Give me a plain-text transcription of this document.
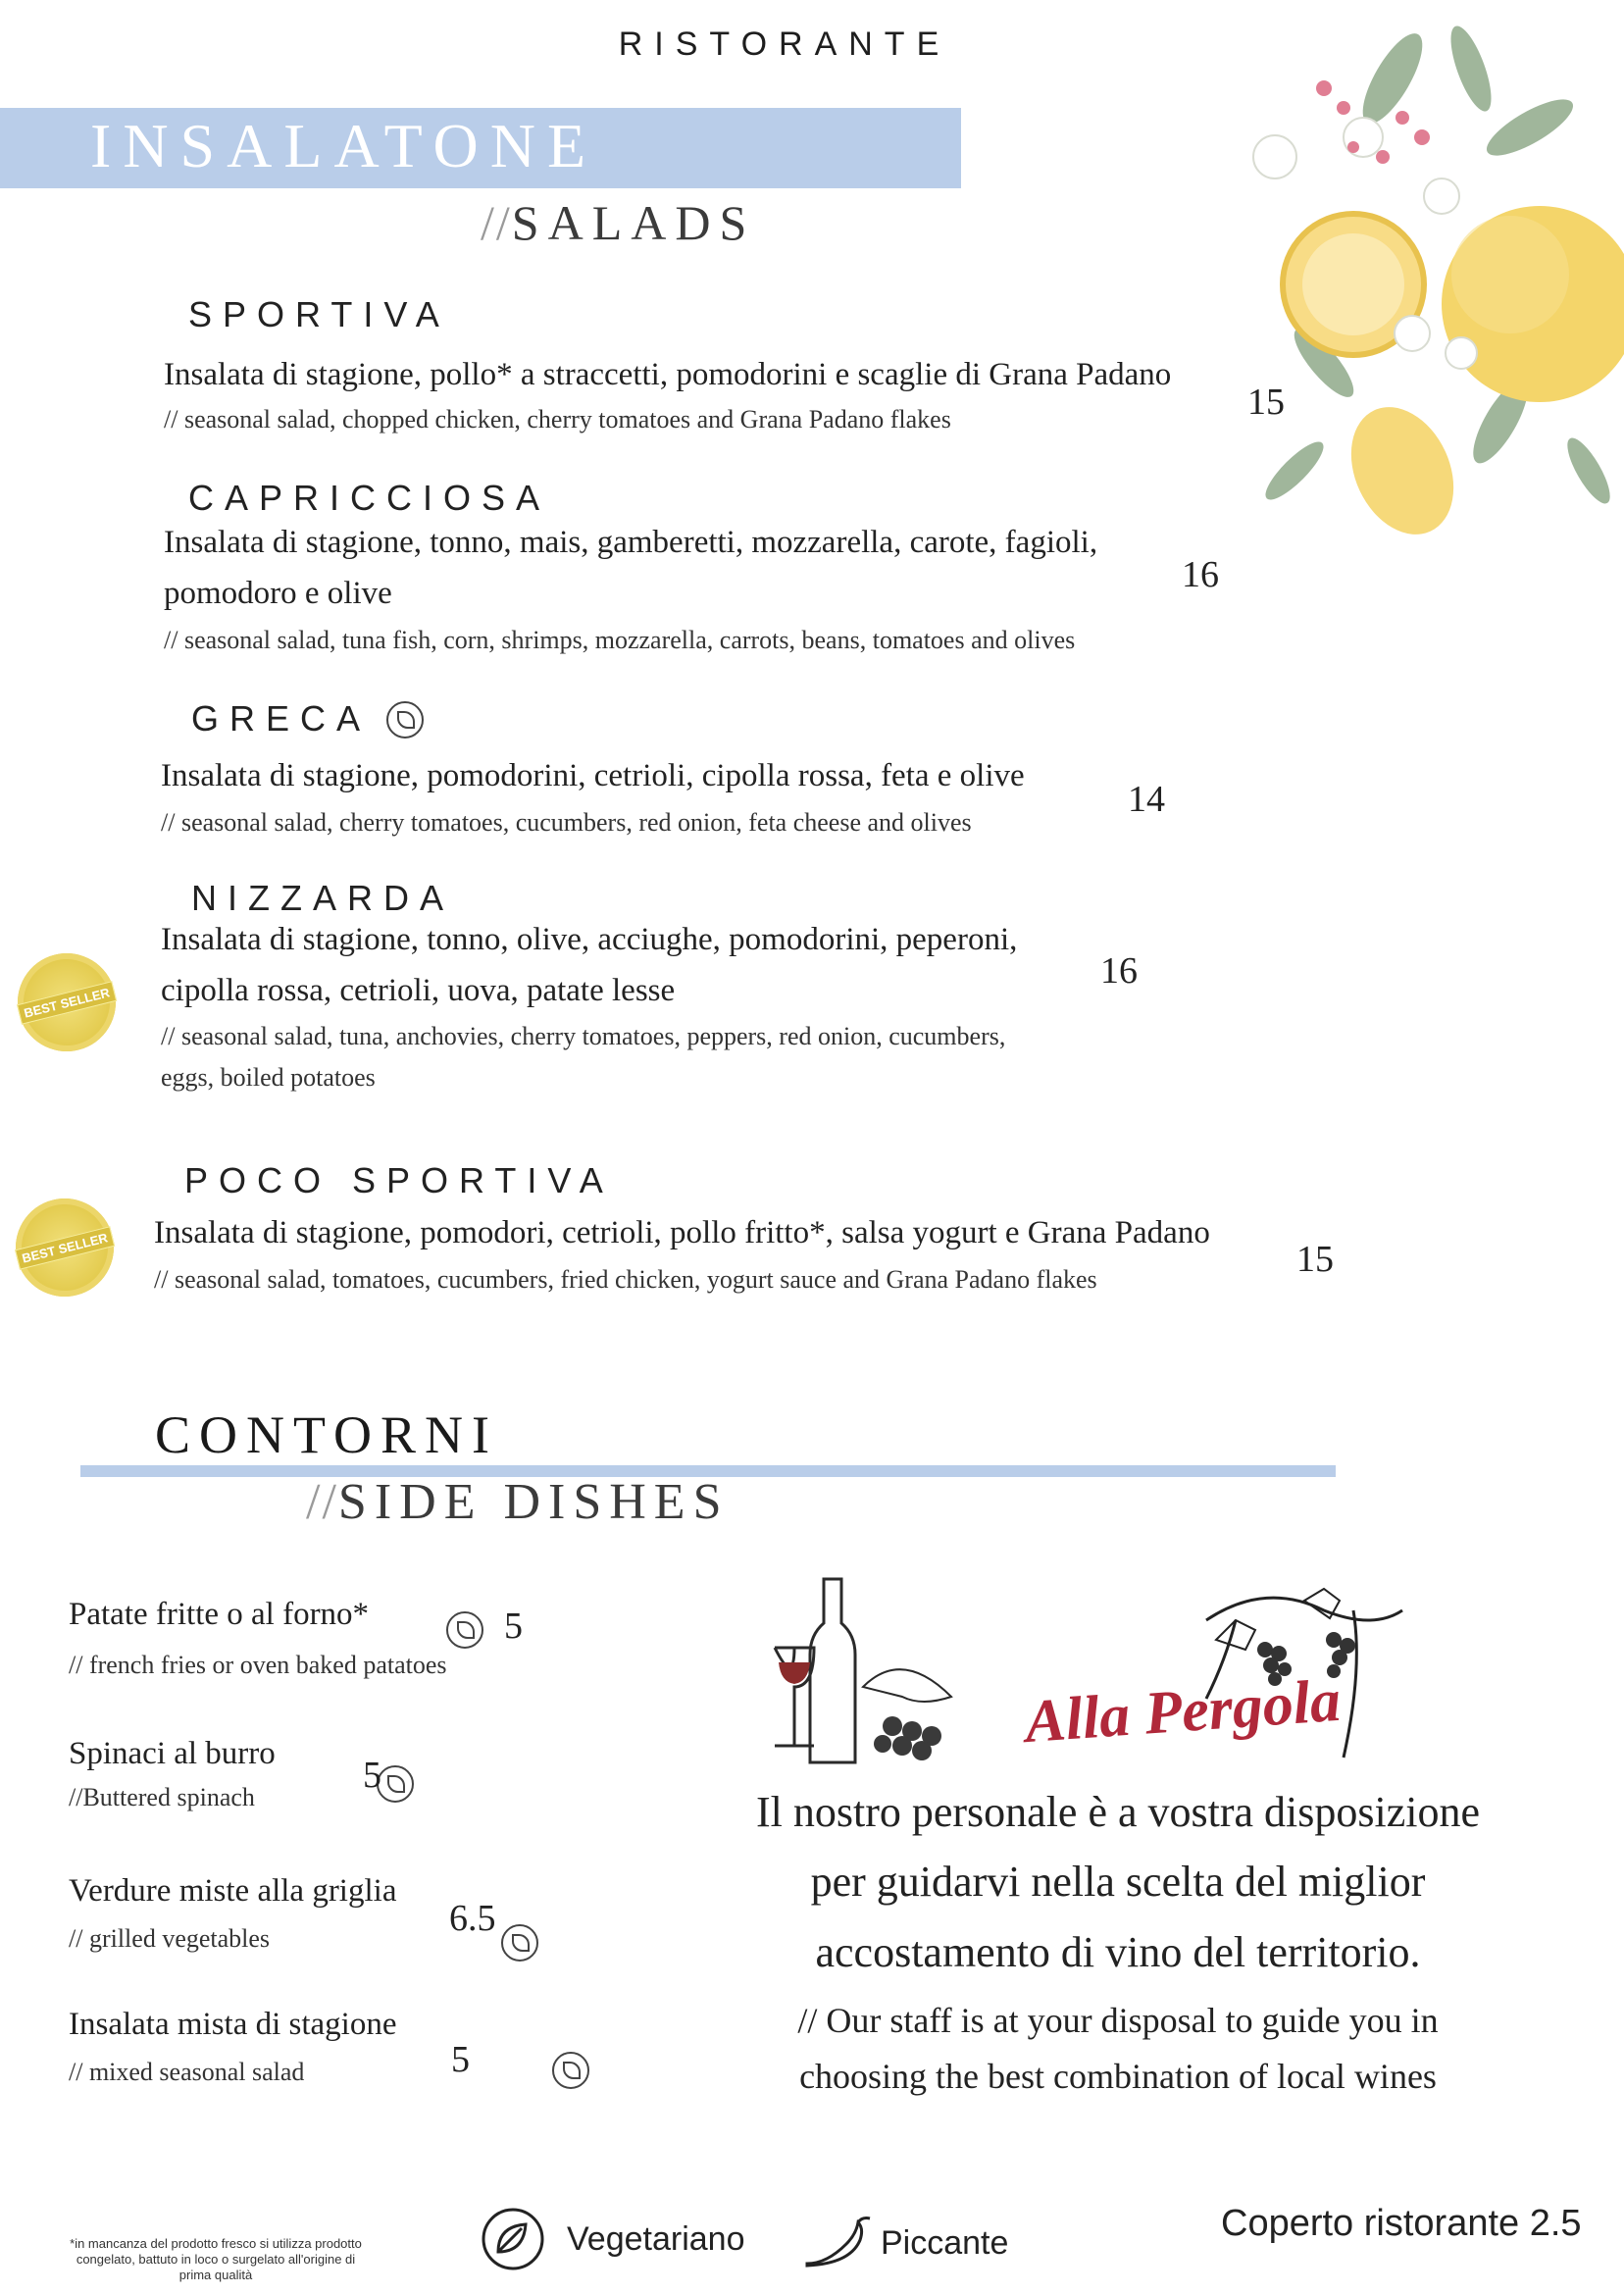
RISTORANTE
INSALATONE
//SALADS
SPORTIVA
Insalata di stagione, pollo* a straccetti, pomodorini e scaglie di Grana Padano
// seasonal salad, chopped chicken, cherry tomatoes and Grana Padano flakes	15
CAPRICCIOSA
Insalata di stagione, tonno, mais, gamberetti, mozzarella, carote, fagioli,
pomodoro e olive
// seasonal salad, tuna fish, corn, shrimps, mozzarella, carrots, beans, tomatoes and olives
16
GRECA

Insalata di stagione, pomodorini, cetrioli, cipolla rossa, feta e olive
// seasonal salad, cherry tomatoes, cucumbers, red onion, feta cheese and olives
14
NIZZARDA
Insalata di stagione, tonno, olive, acciughe, pomodorini, peperoni,
cipolla rossa, cetrioli, uova, patate lesse
// seasonal salad, tuna, anchovies, cherry tomatoes, peppers, red onion, cucumbers,
eggs, boiled potatoes
16
BEST SELLER
POCO SPORTIVA
Insalata di stagione, pomodori, cetrioli, pollo fritto*, salsa yogurt e Grana Padano
// seasonal salad, tomatoes, cucumbers, fried chicken, yogurt sauce and Grana Padano flakes	15
BEST SELLER
CONTORNI
//SIDE DISHES
Patate fritte o al forno*
// french fries or oven baked patatoes

5
Spinaci al burro
//Buttered spinach

5
Verdure miste alla griglia
// grilled vegetables
	6.5
Insalata mista di stagione
// mixed seasonal salad	5
Alla Pergola
Il nostro personale è a vostra disposizione
per guidarvi nella scelta del miglior
accostamento di vino del territorio.
// Our staff is at your disposal to guide you in
choosing the best combination of local wines
*in mancanza del prodotto fresco si utilizza prodotto congelato, battuto in loco o surgelato all'origine di prima qualità
Vegetariano	Piccante	Coperto ristorante 2.5
